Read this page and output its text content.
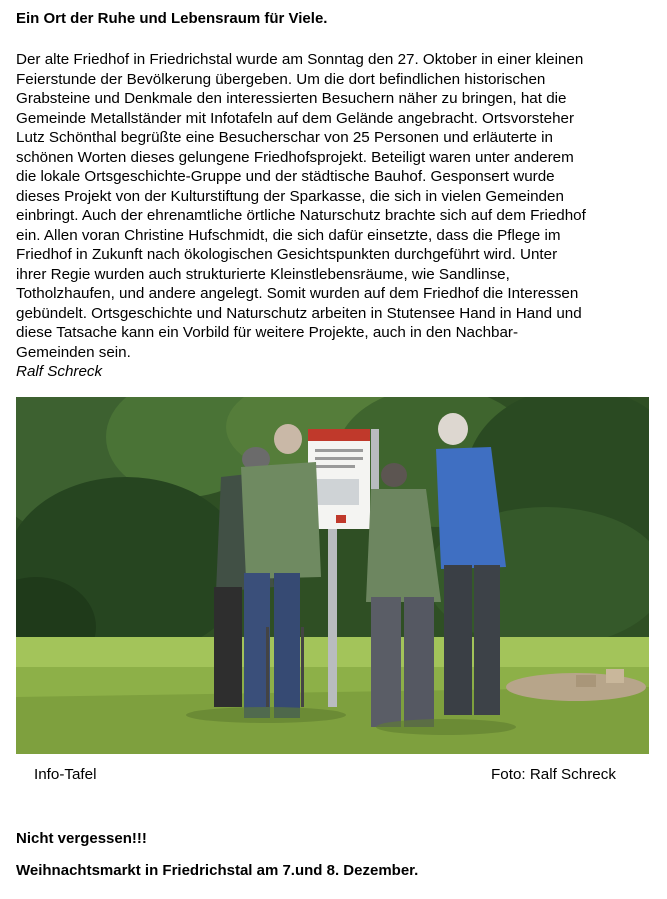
Ein Ort der Ruhe und Lebensraum für Viele.
Der alte Friedhof in Friedrichstal wurde am Sonntag den 27. Oktober in einer kleinen
Feierstunde der Bevölkerung übergeben. Um die dort befindlichen historischen
Grabsteine und Denkmale den interessierten Besuchern näher zu bringen, hat die
Gemeinde Metallständer mit Infotafeln auf dem Gelände angebracht. Ortsvorsteher
Lutz Schönthal begrüßte eine Besucherschar von 25 Personen und erläuterte in
schönen Worten dieses gelungene Friedhofsprojekt. Beteiligt waren unter anderem
die lokale Ortsgeschichte-Gruppe und der städtische Bauhof. Gesponsert wurde
dieses Projekt von der Kulturstiftung der Sparkasse, die sich in vielen Gemeinden
einbringt. Auch der ehrenamtliche örtliche Naturschutz brachte sich auf dem Friedhof
ein. Allen voran Christine Hufschmidt, die sich dafür einsetzte, dass die Pflege im
Friedhof in Zukunft nach ökologischen Gesichtspunkten durchgeführt wird. Unter
ihrer Regie wurden auch strukturierte Kleinstlebensräume, wie Sandlinse,
Totholzhaufen, und andere angelegt. Somit wurden auf dem Friedhof die Interessen
gebündelt. Ortsgeschichte und Naturschutz arbeiten in Stutensee Hand in Hand und
diese Tatsache kann ein Vorbild für weitere Projekte, auch in den Nachbar-
Gemeinden sein.
Ralf Schreck
Info-Tafel	Foto: Ralf Schreck
Nicht vergessen!!!
Weihnachtsmarkt in Friedrichstal am 7.und 8. Dezember.
